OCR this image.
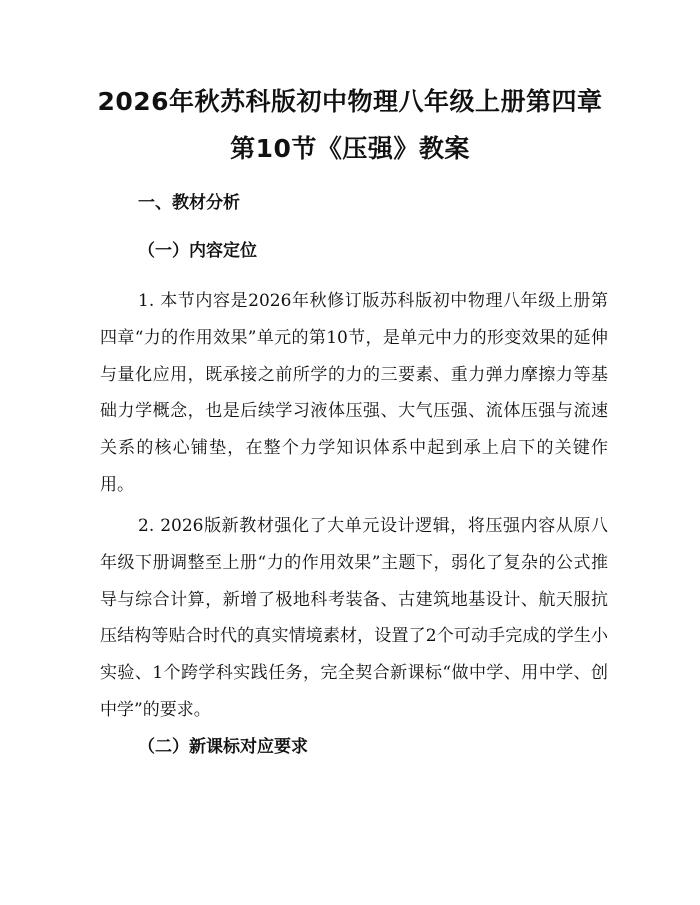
2026年秋苏科版初中物理八年级上册第四章
第10节《压强》教案
一、教材分析
（一）内容定位

1. 本节内容是2026年秋修订版苏科版初中物理八年级上册第四章“力的作用效果”单元的第10节，是单元中力的形变效果的延伸与量化应用，既承接之前所学的力的三要素、重力弹力摩擦力等基础力学概念，也是后续学习液体压强、大气压强、流体压强与流速关系的核心铺垫，在整个力学知识体系中起到承上启下的关键作用。

2. 2026版新教材强化了大单元设计逻辑，将压强内容从原八年级下册调整至上册“力的作用效果”主题下，弱化了复杂的公式推导与综合计算，新增了极地科考装备、古建筑地基设计、航天服抗压结构等贴合时代的真实情境素材，设置了2个可动手完成的学生小实验、1个跨学科实践任务，完全契合新课标“做中学、用中学、创中学”的要求。

（二）新课标对应要求
